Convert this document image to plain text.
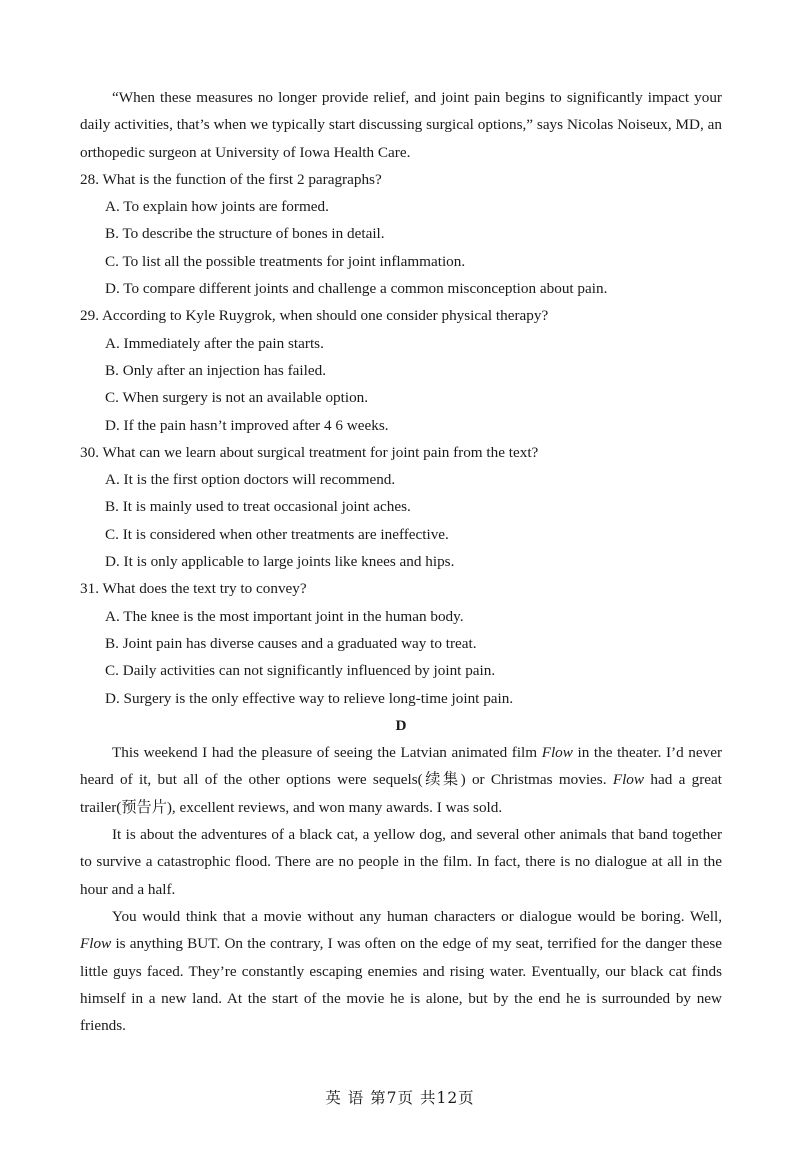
“When these measures no longer provide relief, and joint pain begins to significantly impact your daily activities, that’s when we typically start discussing surgical options,” says Nicolas Noiseux, MD, an orthopedic surgeon at University of Iowa Health Care.

28. What is the function of the first 2 paragraphs?

A. To explain how joints are formed.
B. To describe the structure of bones in detail.
C. To list all the possible treatments for joint inflammation.
D. To compare different joints and challenge a common misconception about pain.

29. According to Kyle Ruygrok, when should one consider physical therapy?

A. Immediately after the pain starts.
B. Only after an injection has failed.
C. When surgery is not an available option.
D. If the pain hasn’t improved after 4 6 weeks.

30. What can we learn about surgical treatment for joint pain from the text?

A. It is the first option doctors will recommend.
B. It is mainly used to treat occasional joint aches.
C. It is considered when other treatments are ineffective.
D. It is only applicable to large joints like knees and hips.

31. What does the text try to convey?

A. The knee is the most important joint in the human body.
B. Joint pain has diverse causes and a graduated way to treat.
C. Daily activities can not significantly influenced by joint pain.
D. Surgery is the only effective way to relieve long-time joint pain.

D

This weekend I had the pleasure of seeing the Latvian animated film Flow in the theater. I’d never heard of it, but all of the other options were sequels(续集) or Christmas movies. Flow had a great trailer(预告片), excellent reviews, and won many awards. I was sold.

It is about the adventures of a black cat, a yellow dog, and several other animals that band together to survive a catastrophic flood. There are no people in the film. In fact, there is no dialogue at all in the hour and a half.

You would think that a movie without any human characters or dialogue would be boring. Well, Flow is anything BUT. On the contrary, I was often on the edge of my seat, terrified for the danger these little guys faced. They’re constantly escaping enemies and rising water. Eventually, our black cat finds himself in a new land. At the start of the movie he is alone, but by the end he is surrounded by new friends.

英 语 第7页 共12页
